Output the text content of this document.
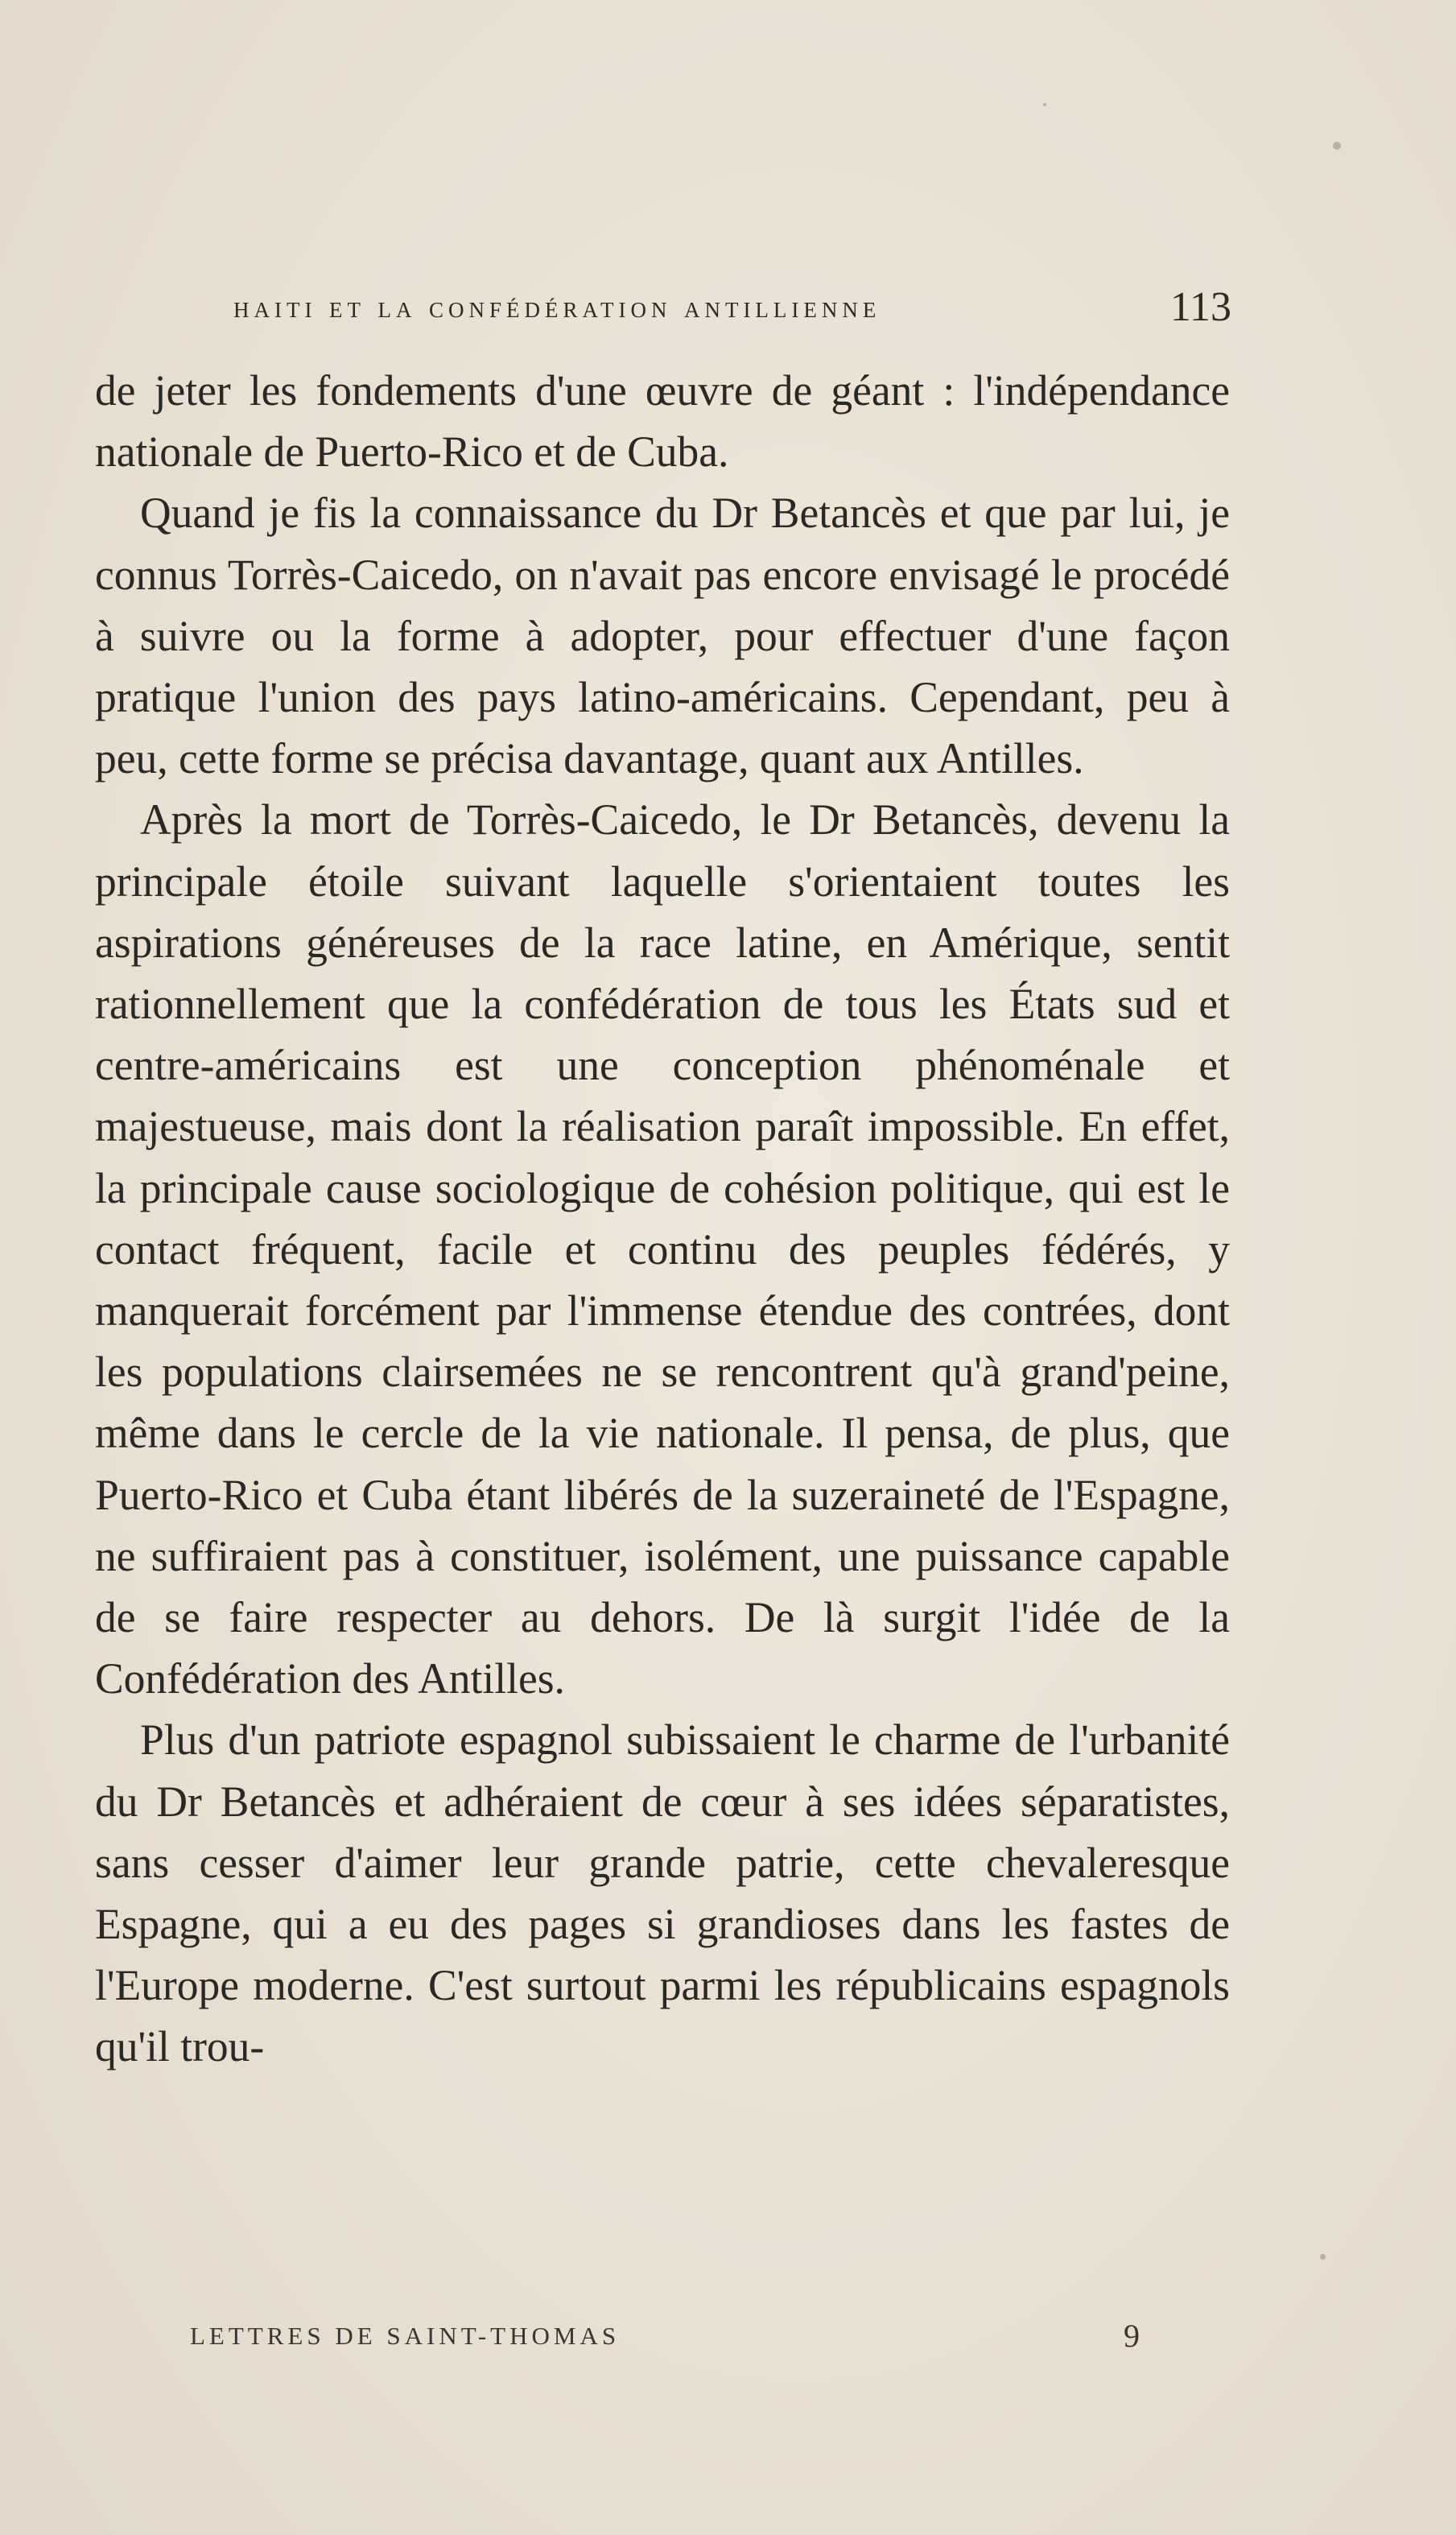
haiti et la confédération antillienne	113

de jeter les fondements d'une œuvre de géant : l'indépendance nationale de Puerto-Rico et de Cuba.

Quand je fis la connaissance du Dr Betancès et que par lui, je connus Torrès-Caicedo, on n'avait pas encore envisagé le procédé à suivre ou la forme à adopter, pour effectuer d'une façon pratique l'union des pays latino-américains. Cependant, peu à peu, cette forme se précisa davantage, quant aux Antilles.

Après la mort de Torrès-Caicedo, le Dr Betancès, devenu la principale étoile suivant laquelle s'orientaient toutes les aspirations généreuses de la race latine, en Amérique, sentit rationnellement que la confédération de tous les États sud et centre-américains est une conception phénoménale et majestueuse, mais dont la réalisation paraît impossible. En effet, la principale cause sociologique de cohésion politique, qui est le contact fréquent, facile et continu des peuples fédérés, y manquerait forcément par l'immense étendue des contrées, dont les populations clairsemées ne se rencontrent qu'à grand'peine, même dans le cercle de la vie nationale. Il pensa, de plus, que Puerto-Rico et Cuba étant libérés de la suzeraineté de l'Espagne, ne suffiraient pas à constituer, isolément, une puissance capable de se faire respecter au dehors. De là surgit l'idée de la Confédération des Antilles.

Plus d'un patriote espagnol subissaient le charme de l'urbanité du Dr Betancès et adhéraient de cœur à ses idées séparatistes, sans cesser d'aimer leur grande patrie, cette chevaleresque Espagne, qui a eu des pages si grandioses dans les fastes de l'Europe moderne. C'est surtout parmi les républicains espagnols qu'il trou-

LETTRES DE SAINT-THOMAS	9
